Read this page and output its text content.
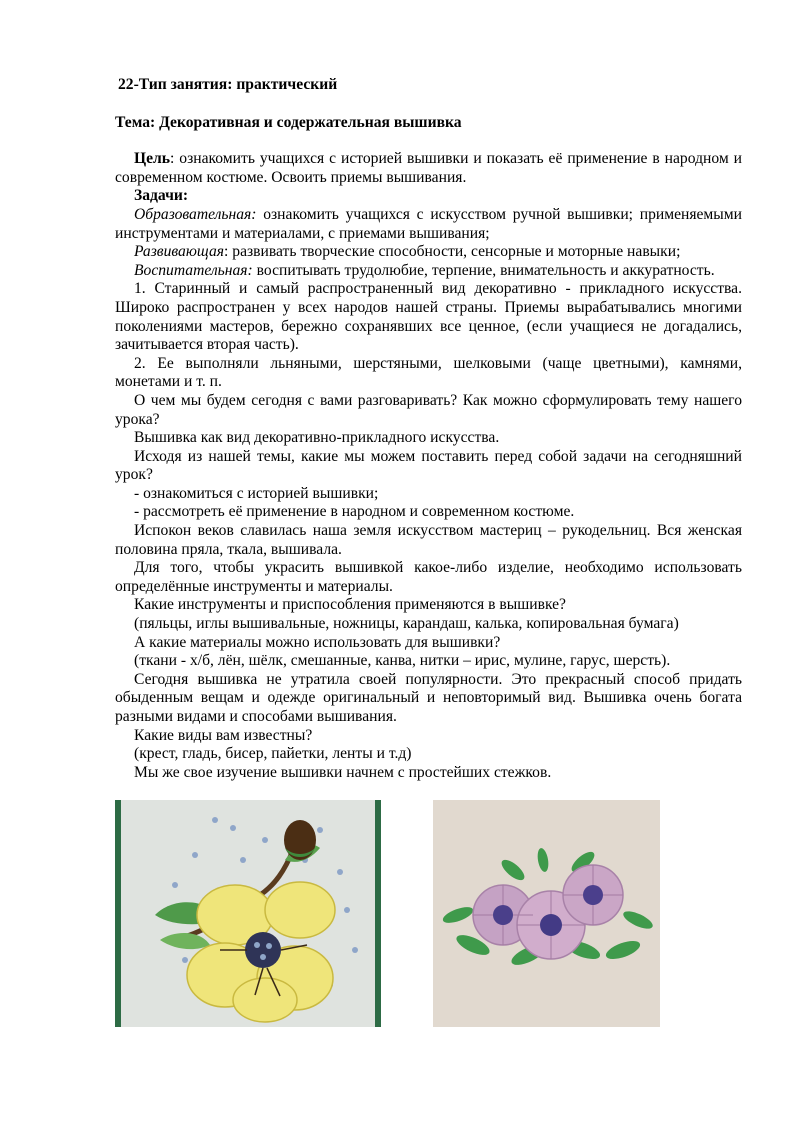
22-Тип занятия: практический
Тема: Декоративная и содержательная вышивка

Цель: ознакомить учащихся с историей вышивки и показать её применение в народном и современном костюме. Освоить приемы вышивания.

Задачи:

Образовательная: ознакомить учащихся с искусством ручной вышивки; применяемыми инструментами и материалами, с приемами вышивания;

Развивающая: развивать творческие способности, сенсорные и моторные навыки;

Воспитательная: воспитывать трудолюбие, терпение, внимательность и аккуратность.

1. Старинный и самый распространенный вид декоративно - прикладного искусства. Широко распространен у всех народов нашей страны. Приемы вырабатывались многими поколениями мастеров, бережно сохранявших все ценное, (если учащиеся не догадались, зачитывается вторая часть).

2. Ее выполняли льняными, шерстяными, шелковыми (чаще цветными), камнями, монетами и т. п.

О чем мы будем сегодня с вами разговаривать? Как можно сформулировать тему нашего урока?

Вышивка как вид декоративно-прикладного искусства.

Исходя из нашей темы, какие мы можем поставить перед собой задачи на сегодняшний урок?

- ознакомиться с историей вышивки;

- рассмотреть её применение в народном и современном костюме.

Испокон веков славилась наша земля искусством мастериц – рукодельниц. Вся женская половина пряла, ткала, вышивала.

Для того, чтобы украсить вышивкой какое-либо изделие, необходимо использовать определённые инструменты и материалы.

Какие инструменты и приспособления применяются в вышивке?

(пяльцы, иглы вышивальные, ножницы, карандаш, калька, копировальная бумага)

А какие материалы можно использовать для вышивки?

(ткани - х/б, лён, шёлк, смешанные, канва, нитки – ирис, мулине, гарус, шерсть).

Сегодня вышивка не утратила своей популярности. Это прекрасный способ придать обыденным вещам и одежде оригинальный и неповторимый вид. Вышивка очень богата разными видами и способами вышивания.

Какие виды вам известны?

(крест, гладь, бисер, пайетки, ленты и т.д)

Мы же свое изучение вышивки начнем с простейших стежков.
